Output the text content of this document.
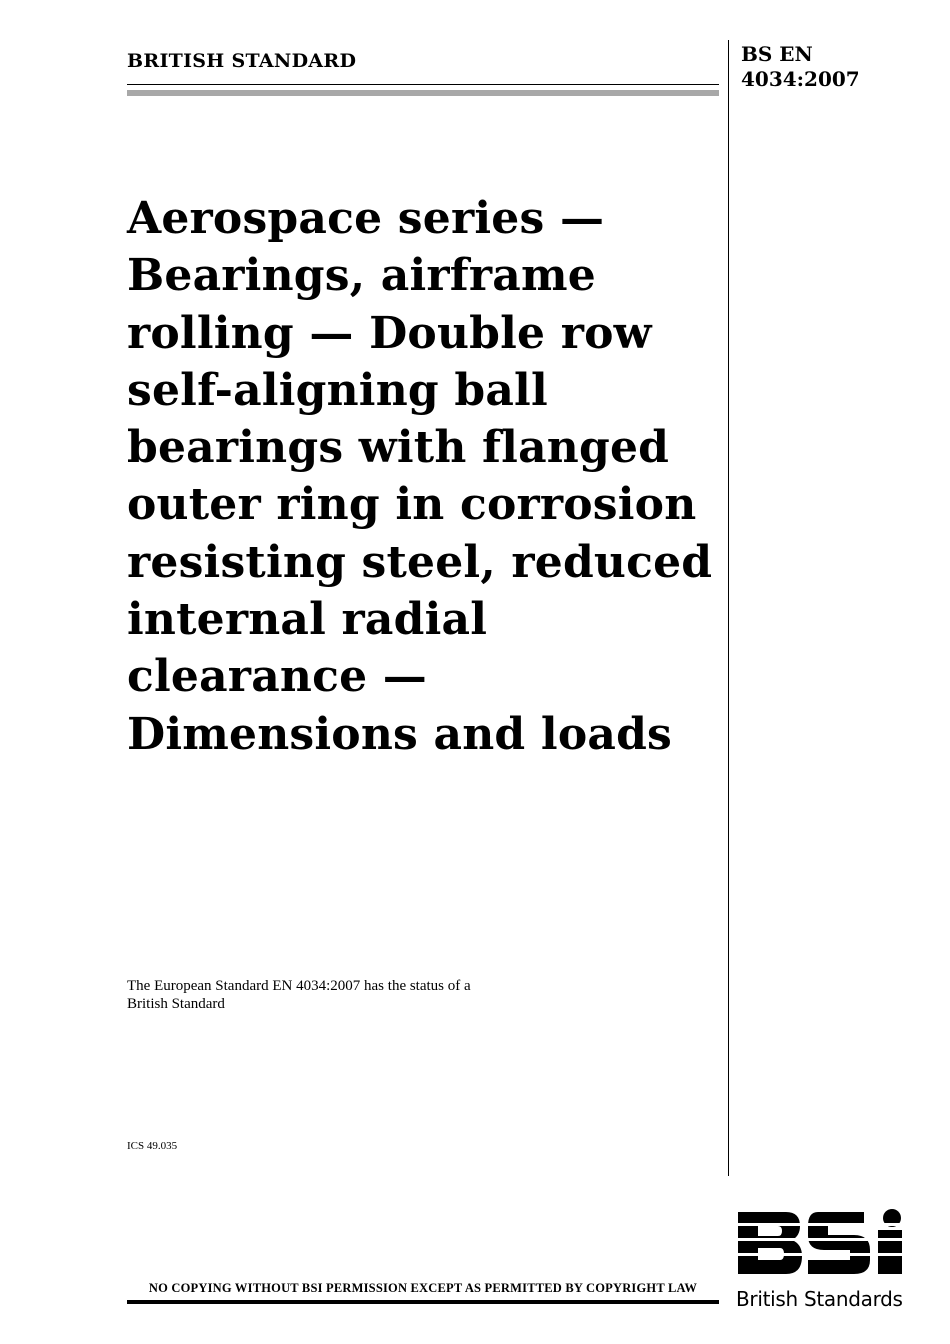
BRITISH STANDARD	BS EN
4034:2007
Aerospace series —
Bearings, airframe
rolling — Double row
self-aligning ball
bearings with flanged
outer ring in corrosion
resisting steel, reduced
internal radial
clearance —
Dimensions and loads
The European Standard EN 4034:2007 has the status of a
British Standard
ICS 49.035
NO COPYING WITHOUT BSI PERMISSION EXCEPT AS PERMITTED BY COPYRIGHT LAW	British Standards
